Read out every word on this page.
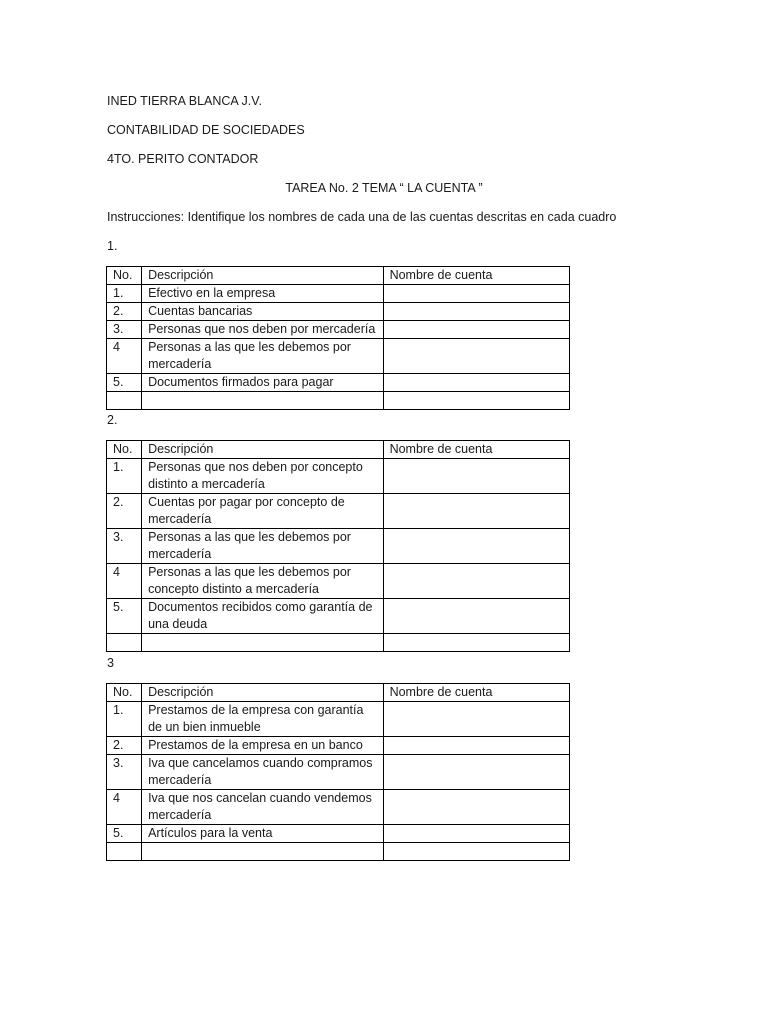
INED TIERRA BLANCA J.V.
CONTABILIDAD DE SOCIEDADES
4TO. PERITO CONTADOR
TAREA No. 2 TEMA “ LA CUENTA ”
Instrucciones: Identifique los nombres de cada una de las cuentas descritas en cada cuadro
1.
No.	Descripción	Nombre de cuenta
1.	Efectivo en la empresa	
2.	Cuentas bancarias	
3.	Personas que nos deben por mercadería	
4	Personas a las que les debemos por mercadería	
5.	Documentos firmados para pagar	

2.
No.	Descripción	Nombre de cuenta
1.	Personas que nos deben por concepto distinto a mercadería	
2.	Cuentas por pagar por concepto de mercadería	
3.	Personas a las que les debemos por mercadería	
4	Personas a las que les debemos por concepto distinto a mercadería	
5.	Documentos recibidos como garantía de una deuda	

3
No.	Descripción	Nombre de cuenta
1.	Prestamos de la empresa con garantía de un bien inmueble	
2.	Prestamos de la empresa en un banco	
3.	Iva que cancelamos cuando compramos mercadería	
4	Iva que nos cancelan cuando vendemos mercadería	
5.	Artículos para la venta	
